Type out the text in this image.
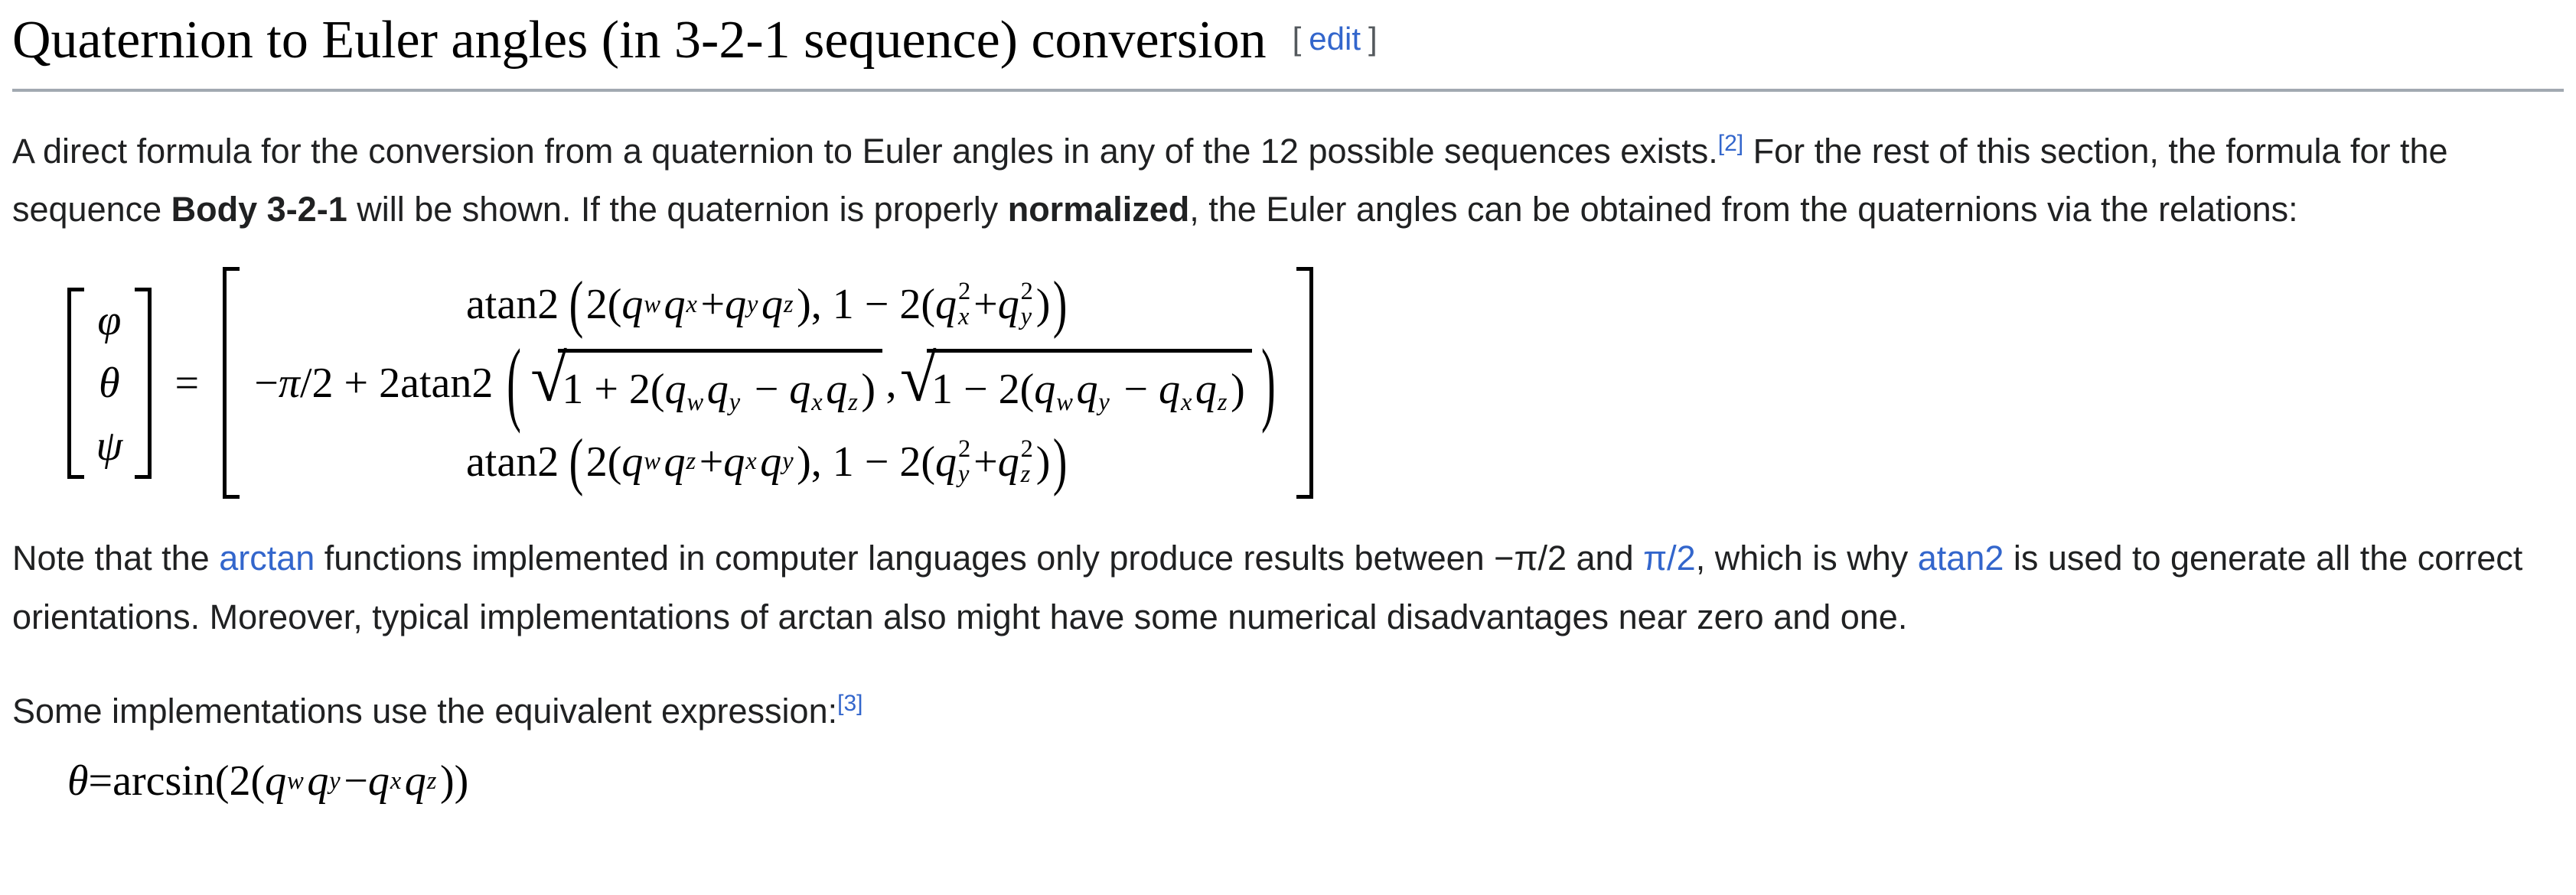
Quaternion to Euler angles (in 3-2-1 sequence) conversion [ edit ]

A direct formula for the conversion from a quaternion to Euler angles in any of the 12 possible sequences exists.[2] For the rest of this section, the formula for the sequence Body 3-2-1 will be shown. If the quaternion is properly normalized, the Euler angles can be obtained from the quaternions via the relations:

φ
θ
ψ
=
atan2 ( 2( q w q x + q y q z ), 1 − 2( q 2
x + q 2
y ) )
− π /2 + 2 atan2 ( √
1 + 2(qwqy − qxqz) , √
1 − 2(qwqy − qxqz) )
atan2 ( 2( q w q z + q x q y ), 1 − 2( q 2
y + q 2
z ) )

Note that the arctan functions implemented in computer languages only produce results between −π/2 and π/2, which is why atan2 is used to generate all the correct orientations. Moreover, typical implementations of arctan also might have some numerical disadvantages near zero and one.

Some implementations use the equivalent expression:[3]

θ = arcsin (2( q w q y − q x q z ))
